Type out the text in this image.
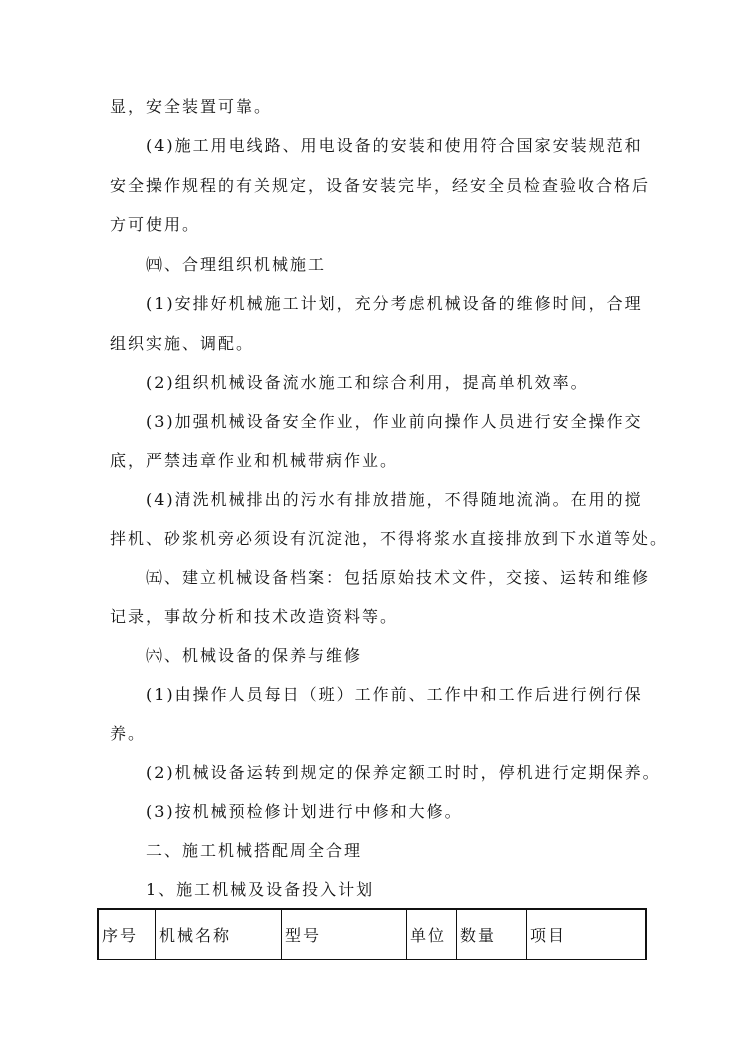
显，安全装置可靠。
(4)施工用电线路、用电设备的安装和使用符合国家安装规范和
安全操作规程的有关规定，设备安装完毕，经安全员检查验收合格后
方可使用。
㈣、合理组织机械施工
(1)安排好机械施工计划，充分考虑机械设备的维修时间，合理
组织实施、调配。
(2)组织机械设备流水施工和综合利用，提高单机效率。
(3)加强机械设备安全作业，作业前向操作人员进行安全操作交
底，严禁违章作业和机械带病作业。
(4)清洗机械排出的污水有排放措施，不得随地流淌。在用的搅
拌机、砂浆机旁必须设有沉淀池，不得将浆水直接排放到下水道等处。
㈤、建立机械设备档案：包括原始技术文件，交接、运转和维修
记录，事故分析和技术改造资料等。
㈥、机械设备的保养与维修
(1)由操作人员每日（班）工作前、工作中和工作后进行例行保
养。
(2)机械设备运转到规定的保养定额工时时，停机进行定期保养。
(3)按机械预检修计划进行中修和大修。
二、施工机械搭配周全合理
1、施工机械及设备投入计划
序号	机械名称	型号	单位 数量	项目
